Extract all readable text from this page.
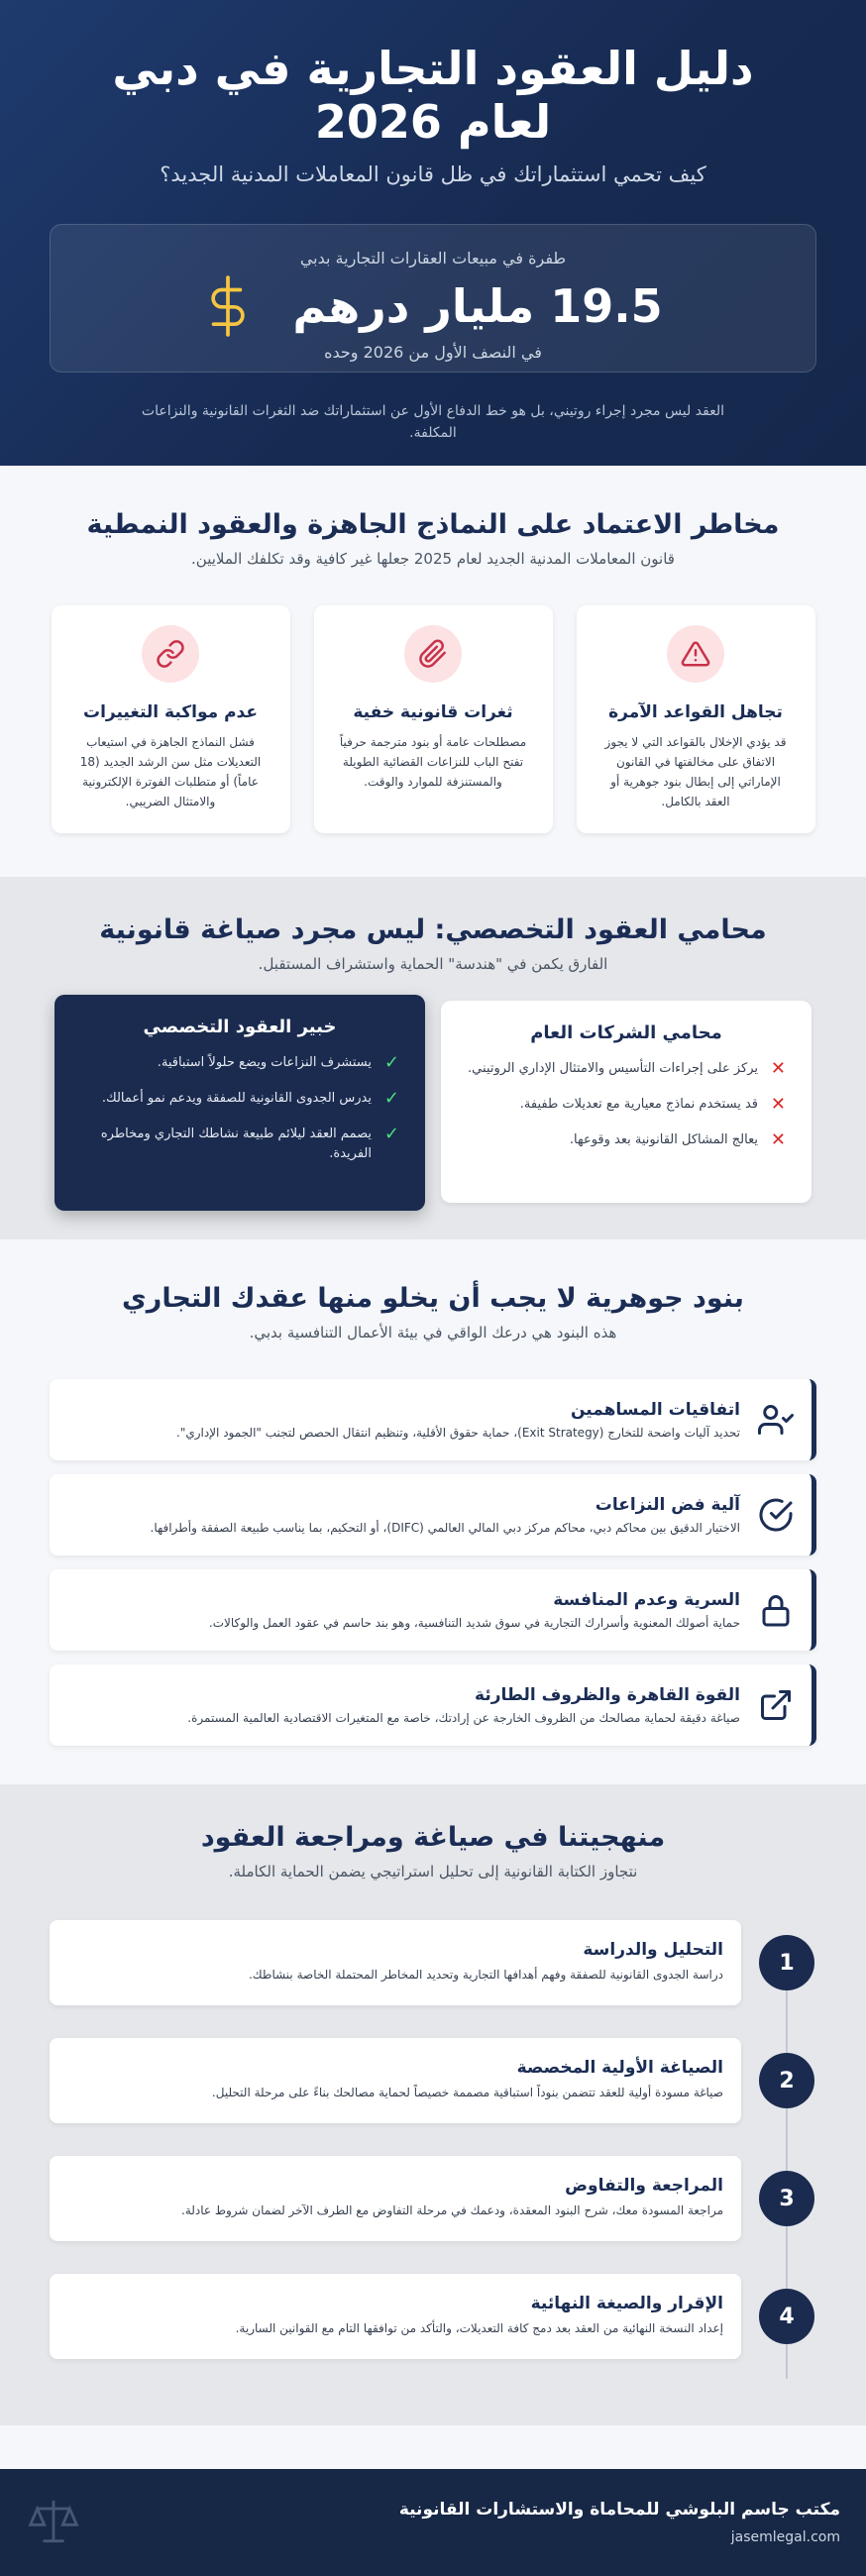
دليل العقود التجارية في دبي لعام 2026

كيف تحمي استثماراتك في ظل قانون المعاملات المدنية الجديد؟

طفرة في مبيعات العقارات التجارية بدبي
19.5 مليار درهم
في النصف الأول من 2026 وحده

العقد ليس مجرد إجراء روتيني، بل هو خط الدفاع الأول عن استثماراتك ضد الثغرات القانونية والنزاعات المكلفة.

مخاطر الاعتماد على النماذج الجاهزة والعقود النمطية

قانون المعاملات المدنية الجديد لعام 2025 جعلها غير كافية وقد تكلفك الملايين.

تجاهل القواعد الآمرة

قد يؤدي الإخلال بالقواعد التي لا يجوز الاتفاق على مخالفتها في القانون الإماراتي إلى إبطال بنود جوهرية أو العقد بالكامل.

ثغرات قانونية خفية

مصطلحات عامة أو بنود مترجمة حرفياً تفتح الباب للنزاعات القضائية الطويلة والمستنزفة للموارد والوقت.

عدم مواكبة التغييرات

فشل النماذج الجاهزة في استيعاب التعديلات مثل سن الرشد الجديد (18 عاماً) أو متطلبات الفوترة الإلكترونية والامتثال الضريبي.

محامي العقود التخصصي: ليس مجرد صياغة قانونية

الفارق يكمن في "هندسة" الحماية واستشراف المستقبل.

محامي الشركات العام
✕
يركز على إجراءات التأسيس والامتثال الإداري الروتيني.
✕
قد يستخدم نماذج معيارية مع تعديلات طفيفة.
✕
يعالج المشاكل القانونية بعد وقوعها.
خبير العقود التخصصي
✓
يستشرف النزاعات ويضع حلولاً استباقية.
✓
يدرس الجدوى القانونية للصفقة ويدعم نمو أعمالك.
✓
يصمم العقد ليلائم طبيعة نشاطك التجاري ومخاطره الفريدة.
بنود جوهرية لا يجب أن يخلو منها عقدك التجاري

هذه البنود هي درعك الواقي في بيئة الأعمال التنافسية بدبي.

اتفاقيات المساهمين
تحديد آليات واضحة للتخارج (Exit Strategy)، حماية حقوق الأقلية، وتنظيم انتقال الحصص لتجنب "الجمود الإداري".
آلية فض النزاعات
الاختيار الدقيق بين محاكم دبي، محاكم مركز دبي المالي العالمي (DIFC)، أو التحكيم، بما يناسب طبيعة الصفقة وأطرافها.
السرية وعدم المنافسة
حماية أصولك المعنوية وأسرارك التجارية في سوق شديد التنافسية، وهو بند حاسم في عقود العمل والوكالات.
القوة القاهرة والظروف الطارئة
صياغة دقيقة لحماية مصالحك من الظروف الخارجة عن إرادتك، خاصة مع المتغيرات الاقتصادية العالمية المستمرة.
منهجيتنا في صياغة ومراجعة العقود

نتجاوز الكتابة القانونية إلى تحليل استراتيجي يضمن الحماية الكاملة.

1
التحليل والدراسة
دراسة الجدوى القانونية للصفقة وفهم أهدافها التجارية وتحديد المخاطر المحتملة الخاصة بنشاطك.
2
الصياغة الأولية المخصصة
صياغة مسودة أولية للعقد تتضمن بنوداً استباقية مصممة خصيصاً لحماية مصالحك بناءً على مرحلة التحليل.
3
المراجعة والتفاوض
مراجعة المسودة معك، شرح البنود المعقدة، ودعمك في مرحلة التفاوض مع الطرف الآخر لضمان شروط عادلة.
4
الإقرار والصيغة النهائية
إعداد النسخة النهائية من العقد بعد دمج كافة التعديلات، والتأكد من توافقها التام مع القوانين السارية.
مكتب جاسم البلوشي للمحاماة والاستشارات القانونية
jasemlegal.com
